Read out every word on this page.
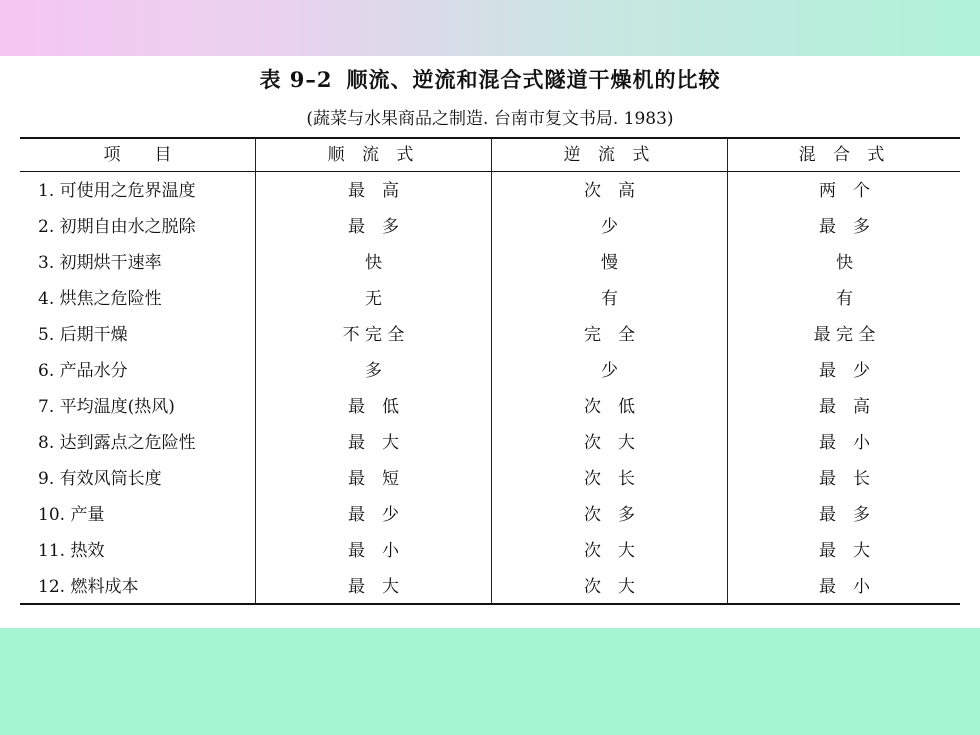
表 9–2 顺流、逆流和混合式隧道干燥机的比较
(蔬菜与水果商品之制造. 台南市复文书局. 1983)
项　　目	顺 流 式	逆 流 式	混 合 式
1. 可使用之危界温度	最　高	次　高	两　个
2. 初期自由水之脱除	最　多	少	最　多
3. 初期烘干速率	快	慢	快
4. 烘焦之危险性	无	有	有
5. 后期干燥	不 完 全	完　全	最 完 全
6. 产品水分	多	少	最　少
7. 平均温度(热风)	最　低	次　低	最　高
8. 达到露点之危险性	最　大	次　大	最　小
9. 有效风筒长度	最　短	次　长	最　长
10. 产量	最　少	次　多	最　多
11. 热效	最　小	次　大	最　大
12. 燃料成本	最　大	次　大	最　小
